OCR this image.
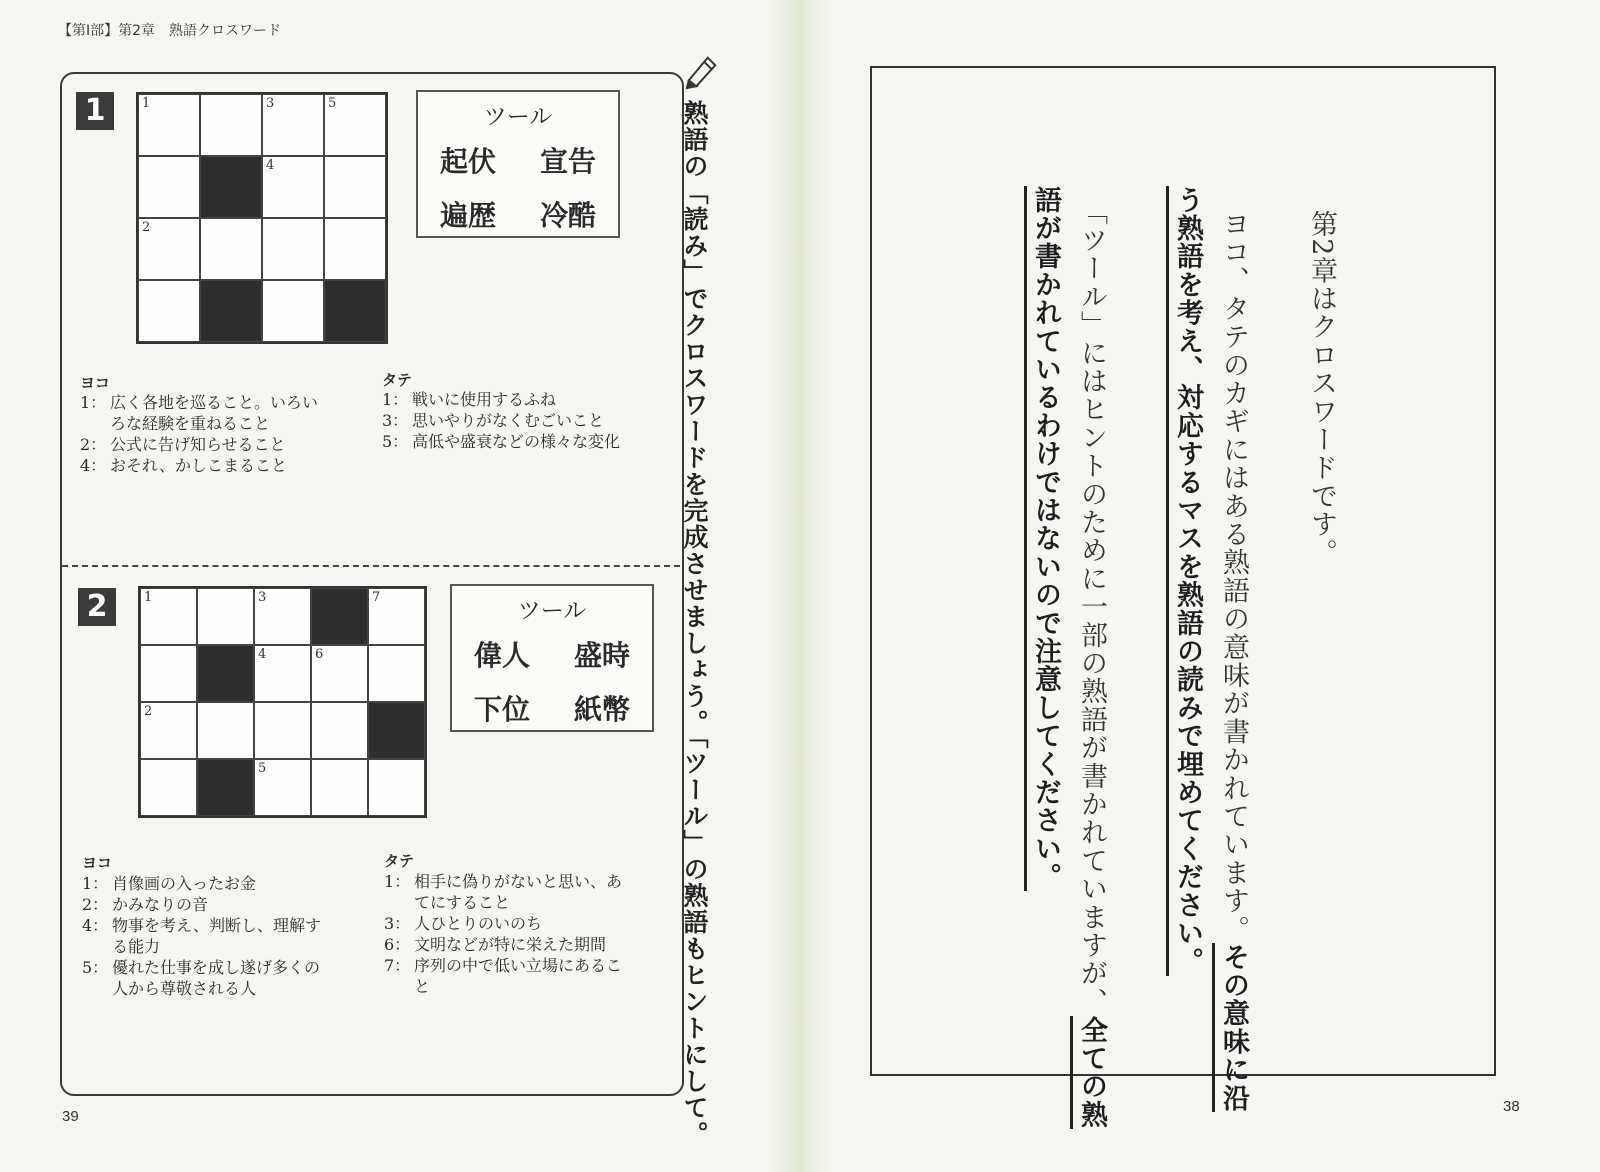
【第I部】第2章　熟語クロスワード
39
1	1	3	5
4
2
ツール
起伏 宣告
遍歴 冷酷
ヨコ
1： 広く各地を巡ること。いろい
ろな経験を重ねること
2： 公式に告げ知らせること
4： おそれ、かしこまること
タテ
1： 戦いに使用するふね
3： 思いやりがなくむごいこと
5： 高低や盛衰などの様々な変化
2	1	3	7
4	6
2
5
ツール
偉人 盛時
下位 紙幣
ヨコ
1： 肖像画の入ったお金
2： かみなりの音
4： 物事を考え、判断し、理解す
る能力
5： 優れた仕事を成し遂げ多くの
人から尊敬される人
タテ
1： 相手に偽りがないと思い、あ
てにすること
3： 人ひとりのいのち
6： 文明などが特に栄えた期間
7： 序列の中で低い立場にあるこ
と	熟語の「読み」でクロスワードを完成させましょう。「ツール」の熟語もヒントにして。	第2章はクロスワードです。
ヨコ、タテのカギにはある熟語の意味が書かれています。その意味に沿
う熟語を考え、対応するマスを熟語の読みで埋めてください。
「ツール」にはヒントのために一部の熟語が書かれていますが、全ての熟
語が書かれているわけではないので注意してください。
38
